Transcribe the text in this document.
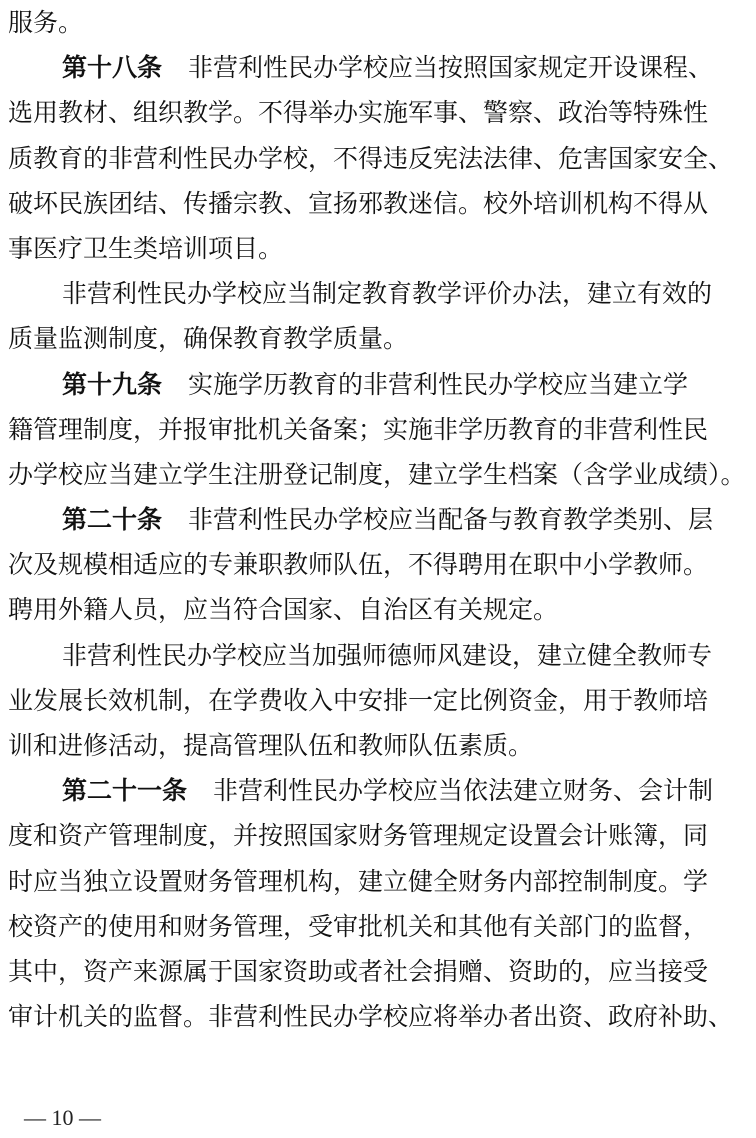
服务。
第十八条 非营利性民办学校应当按照国家规定开设课程、
选用教材、组织教学。不得举办实施军事、警察、政治等特殊性
质教育的非营利性民办学校，不得违反宪法法律、危害国家安全、
破坏民族团结、传播宗教、宣扬邪教迷信。校外培训机构不得从
事医疗卫生类培训项目。
非营利性民办学校应当制定教育教学评价办法，建立有效的
质量监测制度，确保教育教学质量。
第十九条 实施学历教育的非营利性民办学校应当建立学
籍管理制度，并报审批机关备案；实施非学历教育的非营利性民
办学校应当建立学生注册登记制度，建立学生档案（含学业成绩）。
第二十条 非营利性民办学校应当配备与教育教学类别、层
次及规模相适应的专兼职教师队伍，不得聘用在职中小学教师。
聘用外籍人员，应当符合国家、自治区有关规定。
非营利性民办学校应当加强师德师风建设，建立健全教师专
业发展长效机制，在学费收入中安排一定比例资金，用于教师培
训和进修活动，提高管理队伍和教师队伍素质。
第二十一条 非营利性民办学校应当依法建立财务、会计制
度和资产管理制度，并按照国家财务管理规定设置会计账簿，同
时应当独立设置财务管理机构，建立健全财务内部控制制度。学
校资产的使用和财务管理，受审批机关和其他有关部门的监督，
其中，资产来源属于国家资助或者社会捐赠、资助的，应当接受
审计机关的监督。非营利性民办学校应将举办者出资、政府补助、
— 10 —
